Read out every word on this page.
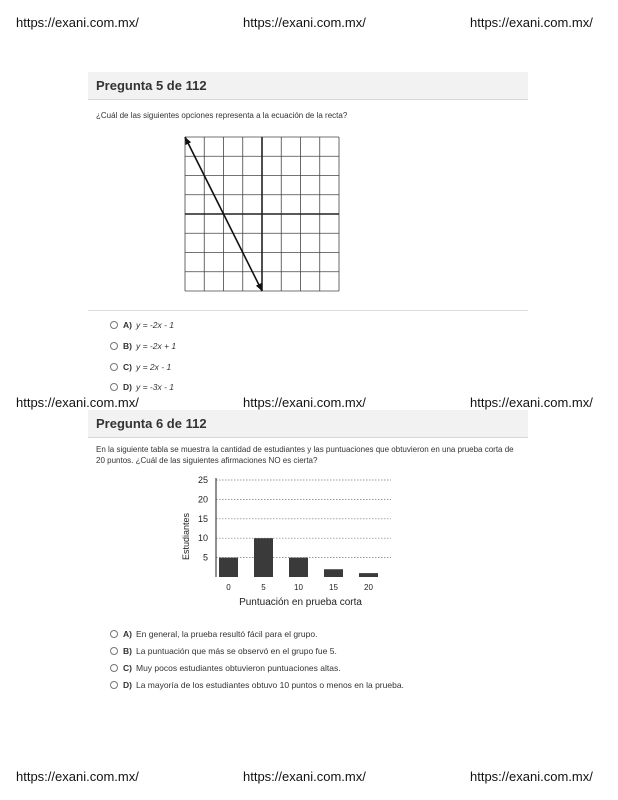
https://exani.com.mx/	https://exani.com.mx/	https://exani.com.mx/
Pregunta 5 de 112
¿Cuál de las siguientes opciones representa a la ecuación de la recta?
A) y = -2x - 1
B) y = -2x + 1
C) y = 2x - 1
D) y = -3x - 1
https://exani.com.mx/	https://exani.com.mx/	https://exani.com.mx/
Pregunta 6 de 112
En la siguiente tabla se muestra la cantidad de estudiantes y las puntuaciones que obtuvieron en una prueba corta de 20 puntos. ¿Cuál de las siguientes afirmaciones NO es cierta?
5
10
15
20
25
0	5	10	15	20
Estudiantes
Puntuación en prueba corta
A) En general, la prueba resultó fácil para el grupo.
B) La puntuación que más se observó en el grupo fue 5.
C) Muy pocos estudiantes obtuvieron puntuaciones altas.
D) La mayoría de los estudiantes obtuvo 10 puntos o menos en la prueba.
https://exani.com.mx/	https://exani.com.mx/	https://exani.com.mx/
